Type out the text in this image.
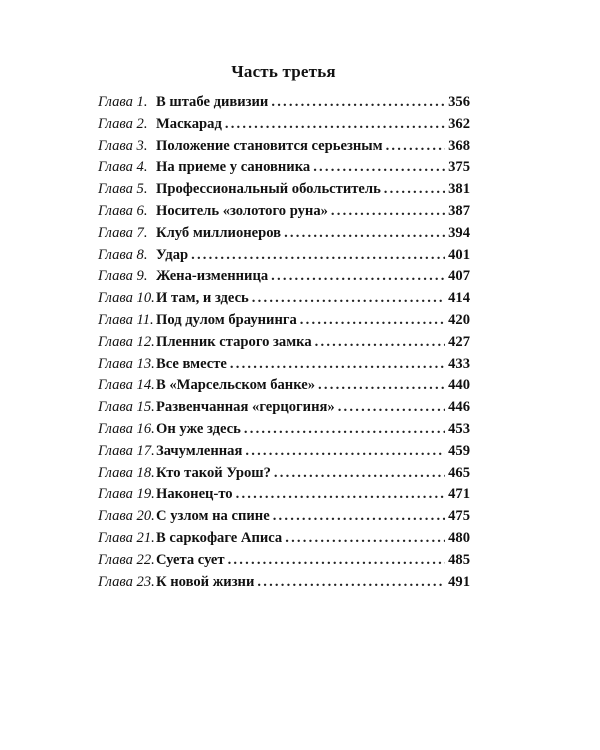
Часть третья
Глава 1. В штабе дивизии .....	356
Глава 2. Маскарад .....	362
Глава 3. Положение становится серьезным .....	368
Глава 4. На приеме у сановника .....	375
Глава 5. Профессиональный обольститель .....	381
Глава 6. Носитель «золотого руна» .....	387
Глава 7. Клуб миллионеров .....	394
Глава 8. Удар .....	401
Глава 9. Жена-изменница .....	407
Глава 10. И там, и здесь .....	414
Глава 11. Под дулом браунинга .....	420
Глава 12. Пленник старого замка .....	427
Глава 13. Все вместе .....	433
Глава 14. В «Марсельском банке» .....	440
Глава 15. Развенчанная «герцогиня» .....	446
Глава 16. Он уже здесь .....	453
Глава 17. Зачумленная .....	459
Глава 18. Кто такой Урош? .....	465
Глава 19. Наконец-то .....	471
Глава 20. С узлом на спине .....	475
Глава 21. В саркофаге Аписа .....	480
Глава 22. Суета сует .....	485
Глава 23. К новой жизни .....	491
